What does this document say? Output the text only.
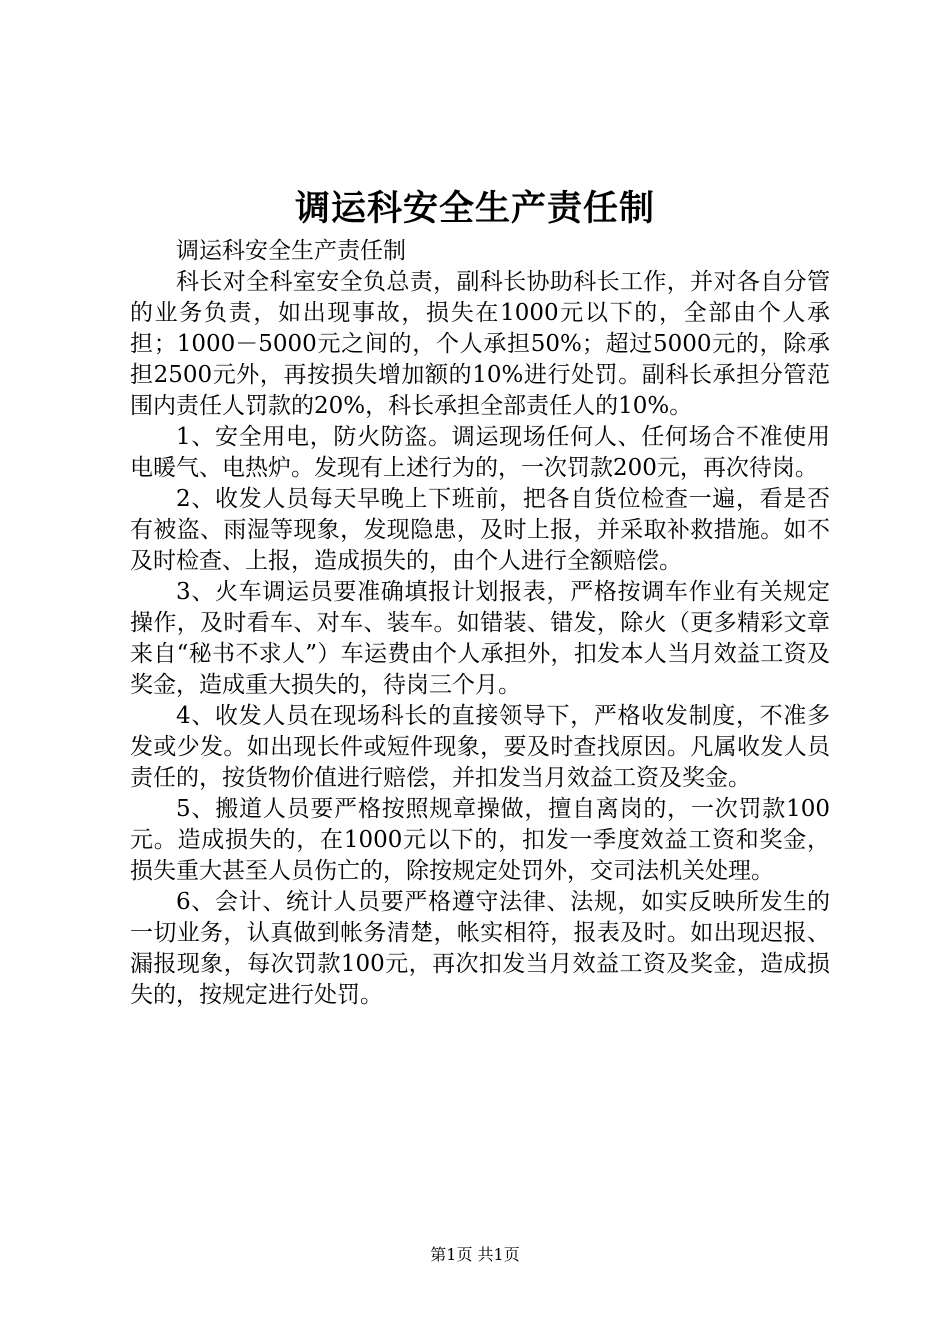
调运科安全生产责任制

调运科安全生产责任制

科长对全科室安全负总责，副科长协助科长工作，并对各自分管的业务负责，如出现事故，损失在1000元以下的，全部由个人承担；1000－5000元之间的，个人承担50%；超过5000元的，除承担2500元外，再按损失增加额的10%进行处罚。副科长承担分管范围内责任人罚款的20%，科长承担全部责任人的10%。

1、安全用电，防火防盗。调运现场任何人、任何场合不准使用电暖气、电热炉。发现有上述行为的，一次罚款200元，再次待岗。

2、收发人员每天早晚上下班前，把各自货位检查一遍，看是否有被盗、雨湿等现象，发现隐患，及时上报，并采取补救措施。如不及时检查、上报，造成损失的，由个人进行全额赔偿。

3、火车调运员要准确填报计划报表，严格按调车作业有关规定操作，及时看车、对车、装车。如错装、错发，除火（更多精彩文章来自“秘书不求人”）车运费由个人承担外，扣发本人当月效益工资及奖金，造成重大损失的，待岗三个月。

4、收发人员在现场科长的直接领导下，严格收发制度，不准多发或少发。如出现长件或短件现象，要及时查找原因。凡属收发人员责任的，按货物价值进行赔偿，并扣发当月效益工资及奖金。

5、搬道人员要严格按照规章操做，擅自离岗的，一次罚款100元。造成损失的，在1000元以下的，扣发一季度效益工资和奖金，损失重大甚至人员伤亡的，除按规定处罚外，交司法机关处理。

6、会计、统计人员要严格遵守法律、法规，如实反映所发生的一切业务，认真做到帐务清楚，帐实相符，报表及时。如出现迟报、漏报现象，每次罚款100元，再次扣发当月效益工资及奖金，造成损失的，按规定进行处罚。

第1页 共1页
